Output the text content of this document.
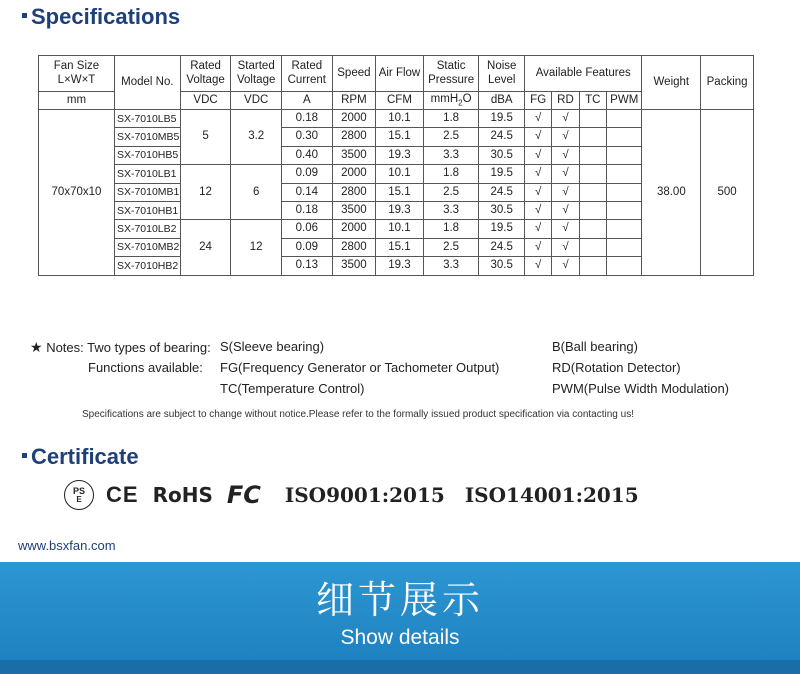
Specifications
Fan Size L×W×T	Model No.	Rated Voltage	Started Voltage	Rated Current	Speed	Air Flow	Static Pressure	Noise Level	Available Features				Weight	Packing
mm		VDC	VDC	A	RPM	CFM	mmH$_2$O	dBA	FG	RD	TC	PWM		
70x70x10	SX-7010LB5	5	3.2	0.18	2000	10.1	1.8	19.5	√	√			38.00	500
	SX-7010MB5			0.30	2800	15.1	2.5	24.5	√	√				
	SX-7010HB5			0.40	3500	19.3	3.3	30.5	√	√				
	SX-7010LB1	12	6	0.09	2000	10.1	1.8	19.5	√	√				
	SX-7010MB1			0.14	2800	15.1	2.5	24.5	√	√				
	SX-7010HB1			0.18	3500	19.3	3.3	30.5	√	√				
	SX-7010LB2	24	12	0.06	2000	10.1	1.8	19.5	√	√				
	SX-7010MB2			0.09	2800	15.1	2.5	24.5	√	√				
	SX-7010HB2			0.13	3500	19.3	3.3	30.5	√	√				
★ Notes: Two types of bearing: S(Sleeve bearing)	B(Ball bearing)
Functions available: FG(Frequency Generator or Tachometer Output)	RD(Rotation Detector)
TC(Temperature Control)	PWM(Pulse Width Modulation)
Specifications are subject to change without notice.Please refer to the formally issued product specification via contacting us!
Certificate
PS
E CE RoHS FC ISO9001:2015 ISO14001:2015
www.bsxfan.com
细节展示
Show details
